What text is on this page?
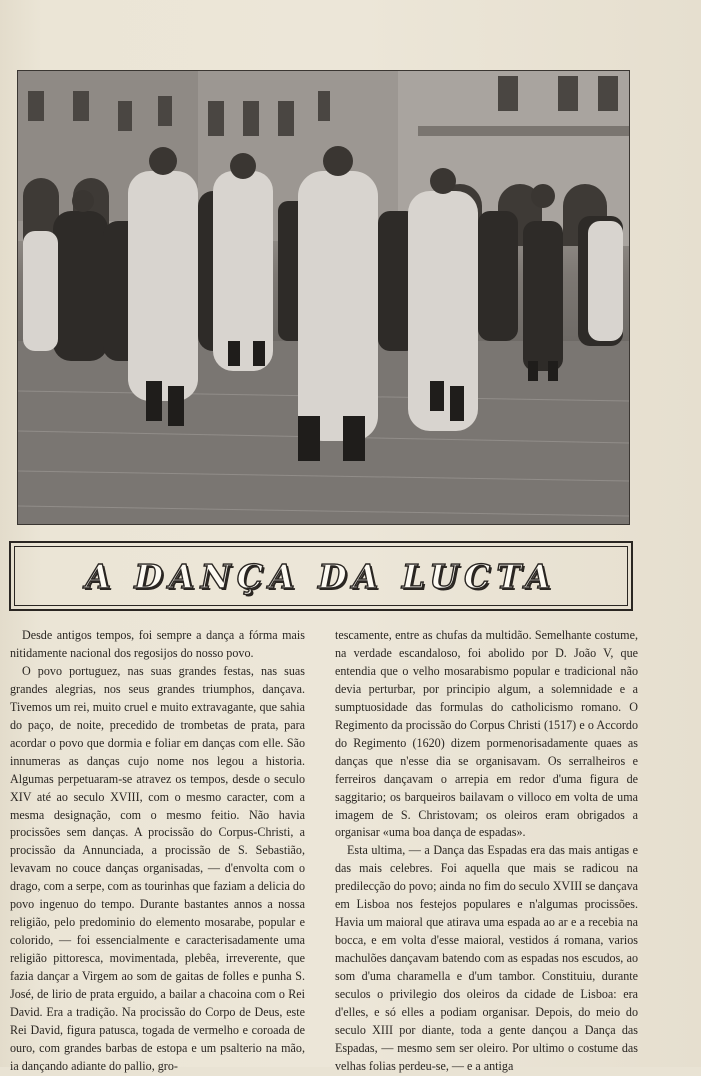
A DANÇA DA LUCTA

Desde antigos tempos, foi sempre a dança a fórma mais nitidamente nacional dos regosijos do nosso povo.

O povo portuguez, nas suas grandes festas, nas suas grandes alegrias, nos seus grandes triumphos, dançava. Tivemos um rei, muito cruel e muito extravagante, que sahia do paço, de noite, precedido de trombetas de prata, para acordar o povo que dormia e foliar em danças com elle. São innumeras as danças cujo nome nos legou a historia. Algumas perpetuaram-se atravez os tempos, desde o seculo XIV até ao seculo XVIII, com o mesmo caracter, com a mesma designação, com o mesmo feitio. Não havia procissões sem danças. A procissão do Corpus-Christi, a procissão da Annunciada, a procissão de S. Sebastião, levavam no couce danças organisadas, — d'envolta com o drago, com a serpe, com as tourinhas que faziam a delicia do povo ingenuo do tempo. Durante bastantes annos a nossa religião, pelo predominio do elemento mosarabe, popular e colorido, — foi essencialmente e caracterisadamente uma religião pittoresca, movimentada, plebêa, irreverente, que fazia dançar a Virgem ao som de gaitas de folles e punha S. José, de lirio de prata erguido, a bailar a chacoina com o Rei David. Era a tradição. Na procissão do Corpo de Deus, este Rei David, figura patusca, togada de vermelho e coroada de ouro, com grandes barbas de estopa e um psalterio na mão, ia dançando adiante do pallio, gro-

tescamente, entre as chufas da multidão. Semelhante costume, na verdade escandaloso, foi abolido por D. João V, que entendia que o velho mosarabismo popular e tradicional não devia perturbar, por principio algum, a solemnidade e a sumptuosidade das formulas do catholicismo romano. O Regimento da procissão do Corpus Christi (1517) e o Accordo do Regimento (1620) dizem pormenorisadamente quaes as danças que n'esse dia se organisavam. Os serralheiros e ferreiros dançavam o arrepia em redor d'uma figura de saggitario; os barqueiros bailavam o villoco em volta de uma imagem de S. Christovam; os oleiros eram obrigados a organisar «uma boa dança de espadas».

Esta ultima, — a Dança das Espadas era das mais antigas e das mais celebres. Foi aquella que mais se radicou na predilecção do povo; ainda no fim do seculo XVIII se dançava em Lisboa nos festejos populares e n'algumas procissões. Havia um maioral que atirava uma espada ao ar e a recebia na bocca, e em volta d'esse maioral, vestidos á romana, varios machulões dançavam batendo com as espadas nos escudos, ao som d'uma charamella e d'um tambor. Constituiu, durante seculos o privilegio dos oleiros da cidade de Lisboa: era d'elles, e só elles a podiam organisar. Depois, do meio do seculo XIII por diante, toda a gente dançou a Dança das Espadas, — mesmo sem ser oleiro. Por ultimo o costume das velhas folias perdeu-se, — e a antiga
